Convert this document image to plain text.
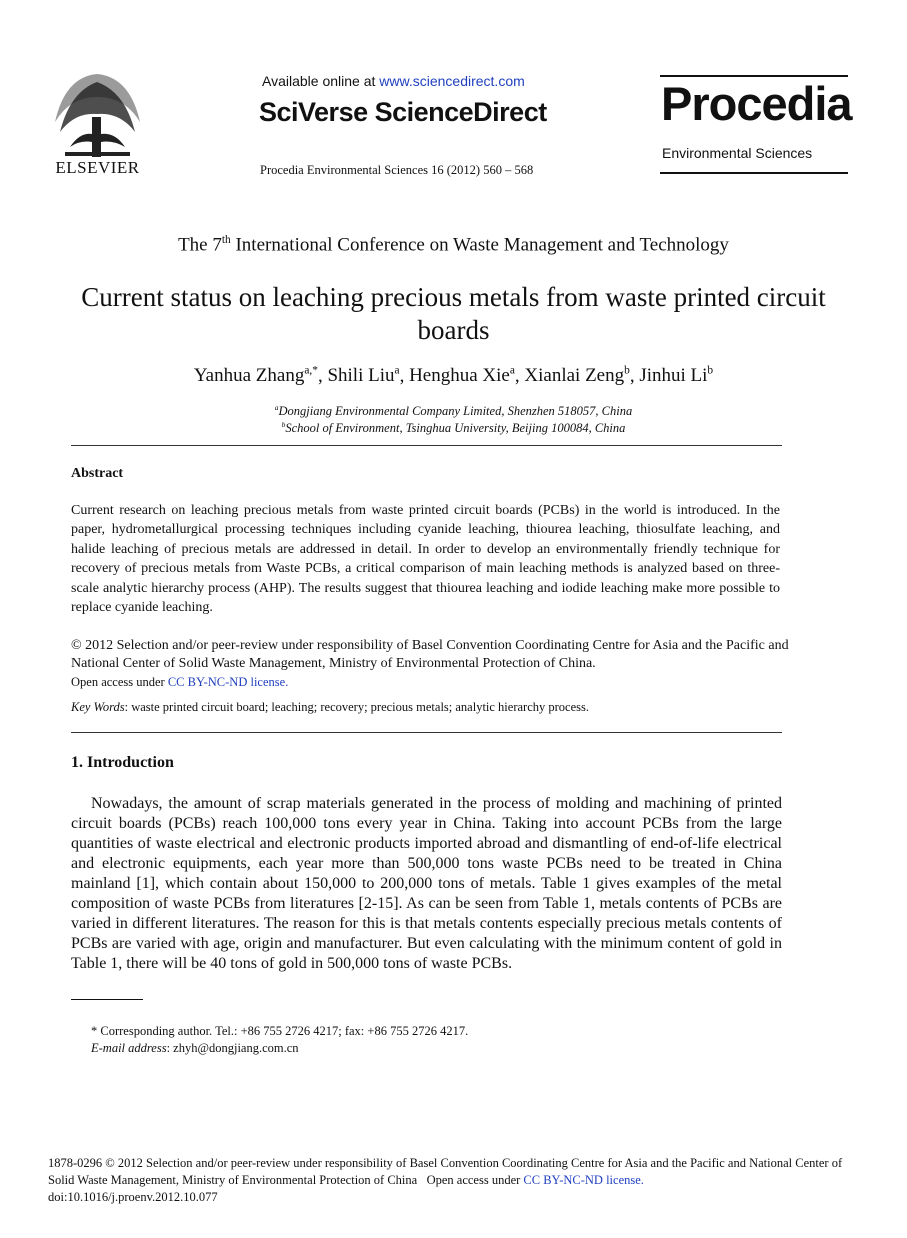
ELSEVIER
Available online at www.sciencedirect.com
SciVerse ScienceDirect
Procedia Environmental Sciences 16 (2012) 560 – 568
Procedia
Environmental Sciences
The 7th International Conference on Waste Management and Technology
Current status on leaching precious metals from waste printed circuit boards
Yanhua Zhang$^{a,*}$, Shili Liu$^a$, Henghua Xie$^a$, Xianlai Zeng$^b$, Jinhui Li$^b$
$^a$Dongjiang Environmental Company Limited, Shenzhen 518057, China
$^b$School of Environment, Tsinghua University, Beijing 100084, China
Abstract
Current research on leaching precious metals from waste printed circuit boards (PCBs) in the world is introduced. In the paper, hydrometallurgical processing techniques including cyanide leaching, thiourea leaching, thiosulfate leaching, and halide leaching of precious metals are addressed in detail. In order to develop an environmentally friendly technique for recovery of precious metals from Waste PCBs, a critical comparison of main leaching methods is analyzed based on three-scale analytic hierarchy process (AHP). The results suggest that thiourea leaching and iodide leaching make more possible to replace cyanide leaching.
© 2012 Selection and/or peer-review under responsibility of Basel Convention Coordinating Centre for Asia and the Pacific and National Center of Solid Waste Management, Ministry of Environmental Protection of China.
Open access under CC BY-NC-ND license.
Key Words: waste printed circuit board; leaching; recovery; precious metals; analytic hierarchy process.
1. Introduction
Nowadays, the amount of scrap materials generated in the process of molding and machining of printed circuit boards (PCBs) reach 100,000 tons every year in China. Taking into account PCBs from the large quantities of waste electrical and electronic products imported abroad and dismantling of end-of-life electrical and electronic equipments, each year more than 500,000 tons waste PCBs need to be treated in China mainland [1], which contain about 150,000 to 200,000 tons of metals. Table 1 gives examples of the metal composition of waste PCBs from literatures [2-15]. As can be seen from Table 1, metals contents of PCBs are varied in different literatures. The reason for this is that metals contents especially precious metals contents of PCBs are varied with age, origin and manufacturer. But even calculating with the minimum content of gold in Table 1, there will be 40 tons of gold in 500,000 tons of waste PCBs.
* Corresponding author. Tel.: +86 755 2726 4217; fax: +86 755 2726 4217.
E-mail address: zhyh@dongjiang.com.cn
1878-0296 © 2012 Selection and/or peer-review under responsibility of Basel Convention Coordinating Centre for Asia and the Pacific and National Center of Solid Waste Management, Ministry of Environmental Protection of China Open access under CC BY-NC-ND license.
doi:10.1016/j.proenv.2012.10.077
